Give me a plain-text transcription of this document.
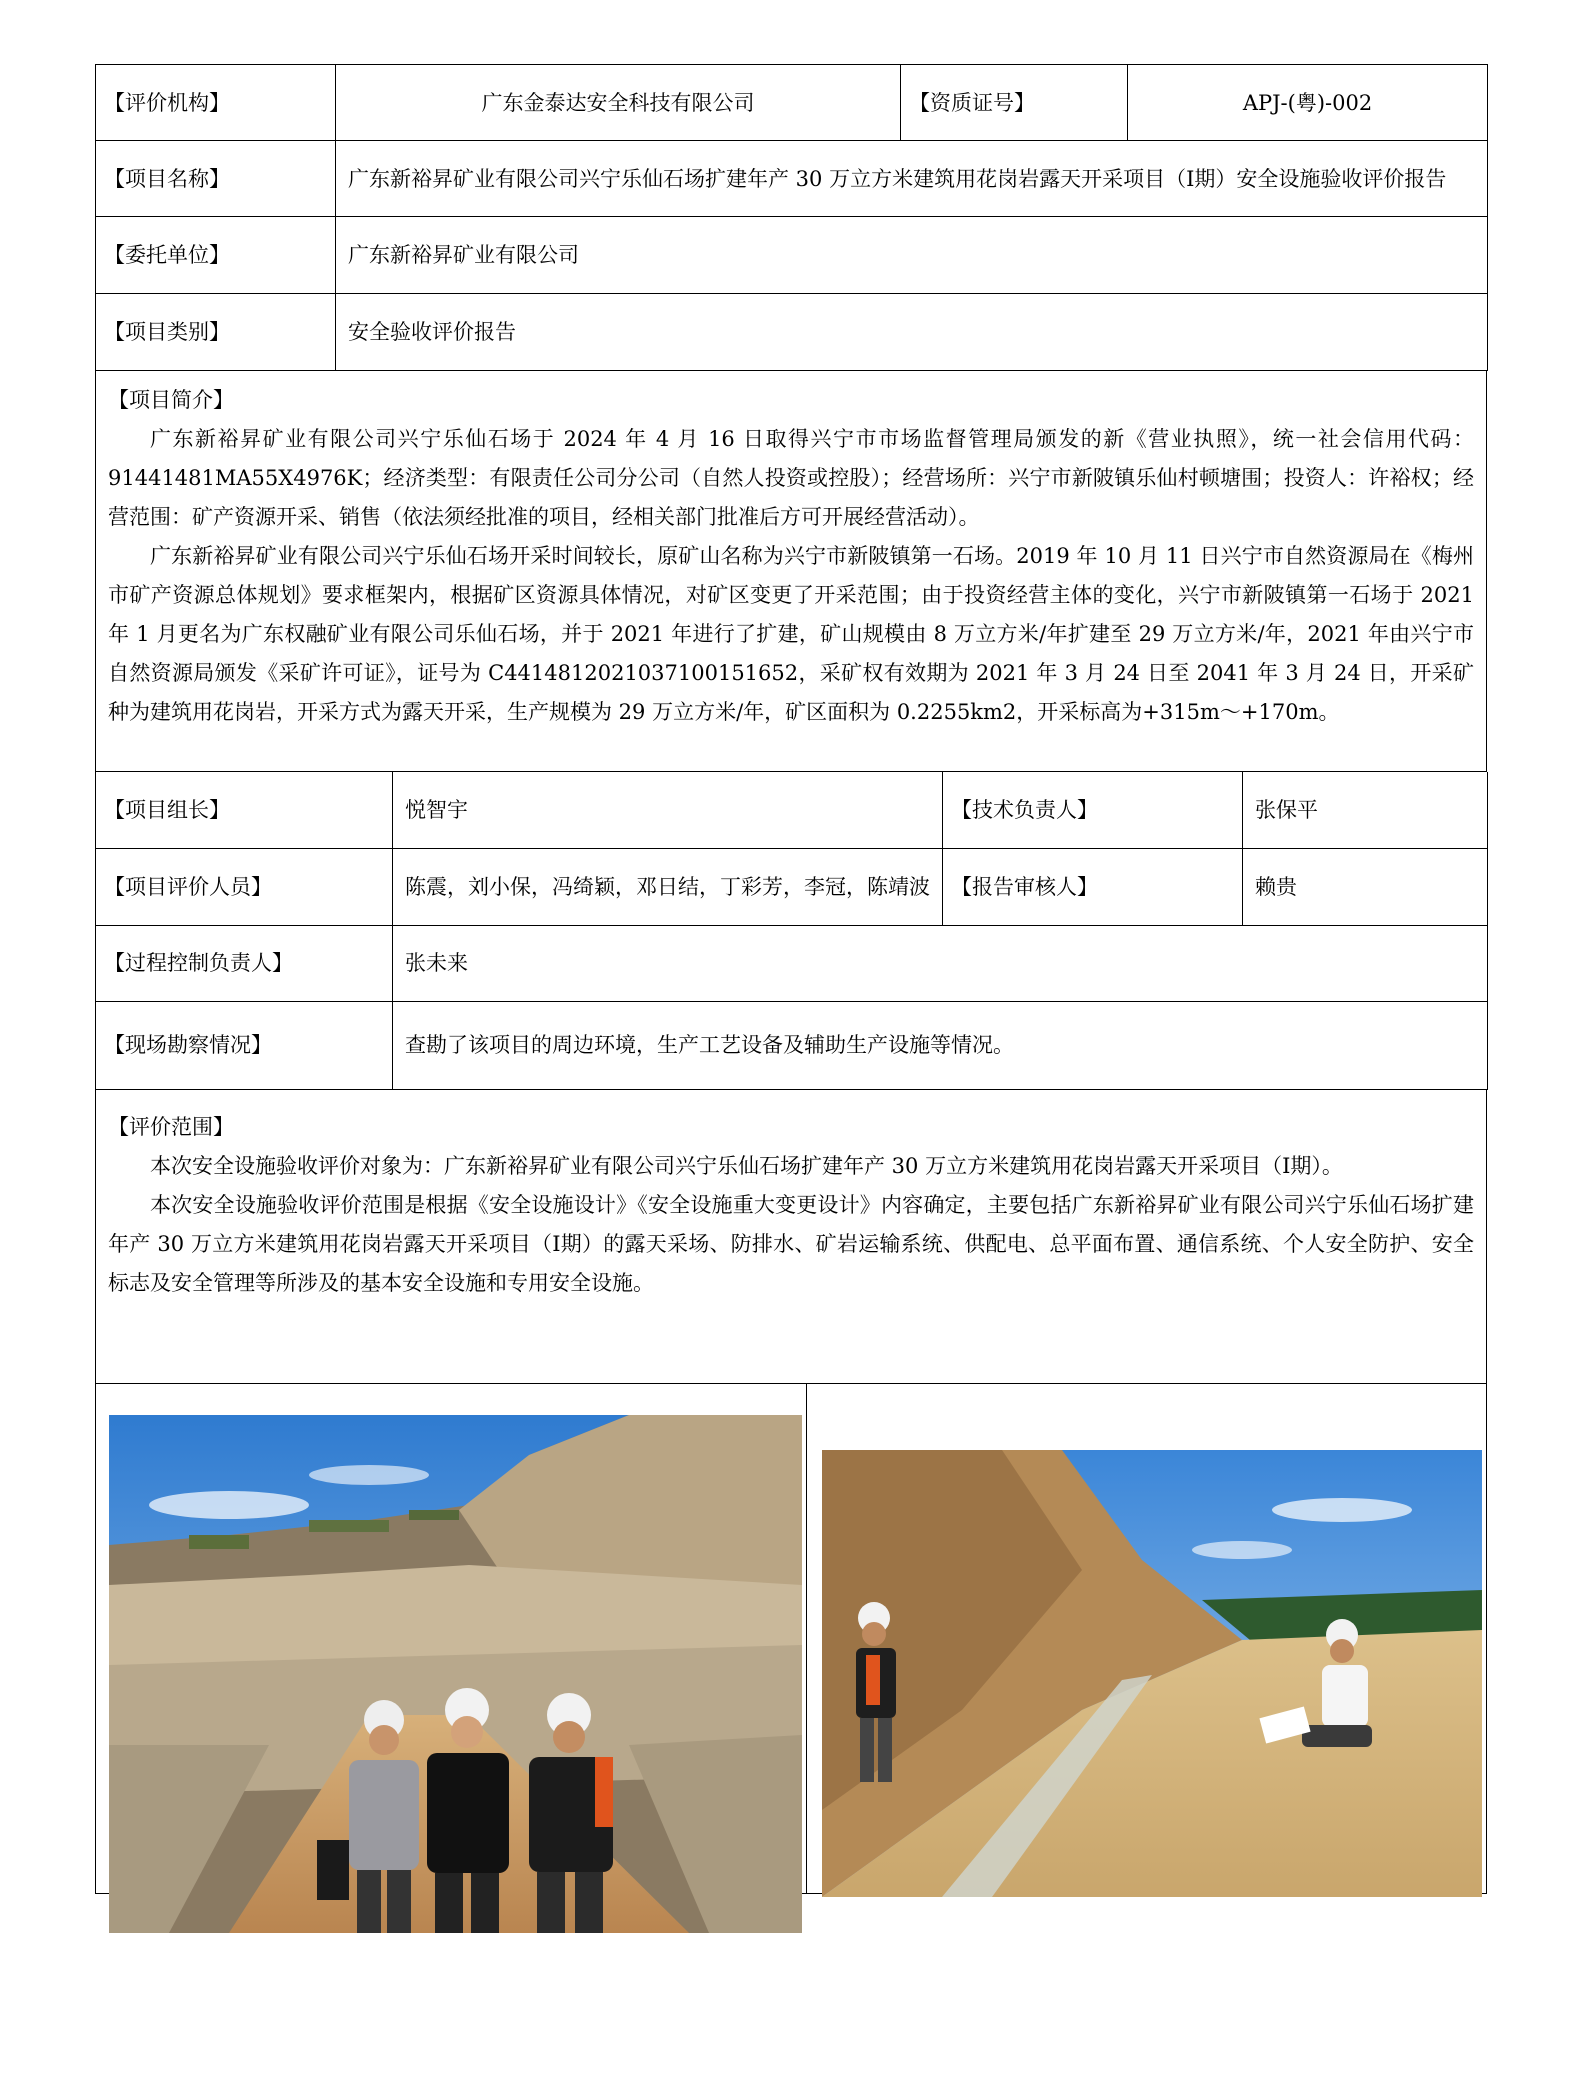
【评价机构】	广东金泰达安全科技有限公司	【资质证号】	APJ-(粤)-002
【项目名称】	广东新裕昇矿业有限公司兴宁乐仙石场扩建年产 30 万立方米建筑用花岗岩露天开采项目（Ⅰ期）安全设施验收评价报告		
【委托单位】	广东新裕昇矿业有限公司		
【项目类别】	安全验收评价报告		

【项目简介】

广东新裕昇矿业有限公司兴宁乐仙石场于 2024 年 4 月 16 日取得兴宁市市场监督管理局颁发的新《营业执照》，统一社会信用代码：91441481MA55X4976K；经济类型：有限责任公司分公司（自然人投资或控股）；经营场所：兴宁市新陂镇乐仙村顿塘围；投资人：许裕权；经营范围：矿产资源开采、销售（依法须经批准的项目，经相关部门批准后方可开展经营活动）。

广东新裕昇矿业有限公司兴宁乐仙石场开采时间较长，原矿山名称为兴宁市新陂镇第一石场。2019 年 10 月 11 日兴宁市自然资源局在《梅州市矿产资源总体规划》要求框架内，根据矿区资源具体情况，对矿区变更了开采范围；由于投资经营主体的变化，兴宁市新陂镇第一石场于 2021 年 1 月更名为广东权融矿业有限公司乐仙石场，并于 2021 年进行了扩建，矿山规模由 8 万立方米/年扩建至 29 万立方米/年，2021 年由兴宁市自然资源局颁发《采矿许可证》，证号为 C4414812021037100151652，采矿权有效期为 2021 年 3 月 24 日至 2041 年 3 月 24 日，开采矿种为建筑用花岗岩，开采方式为露天开采，生产规模为 29 万立方米/年，矿区面积为 0.2255km2，开采标高为+315m～+170m。

【项目组长】	悦智宇	【技术负责人】	张保平
【项目评价人员】	陈震，刘小保，冯绮颖，邓日结，丁彩芳，李冠，陈靖波	【报告审核人】	赖贵
【过程控制负责人】	张未来		
【现场勘察情况】	查勘了该项目的周边环境，生产工艺设备及辅助生产设施等情况。		

【评价范围】

本次安全设施验收评价对象为：广东新裕昇矿业有限公司兴宁乐仙石场扩建年产 30 万立方米建筑用花岗岩露天开采项目（Ⅰ期）。

本次安全设施验收评价范围是根据《安全设施设计》《安全设施重大变更设计》内容确定，主要包括广东新裕昇矿业有限公司兴宁乐仙石场扩建年产 30 万立方米建筑用花岗岩露天开采项目（Ⅰ期）的露天采场、防排水、矿岩运输系统、供配电、总平面布置、通信系统、个人安全防护、安全标志及安全管理等所涉及的基本安全设施和专用安全设施。
